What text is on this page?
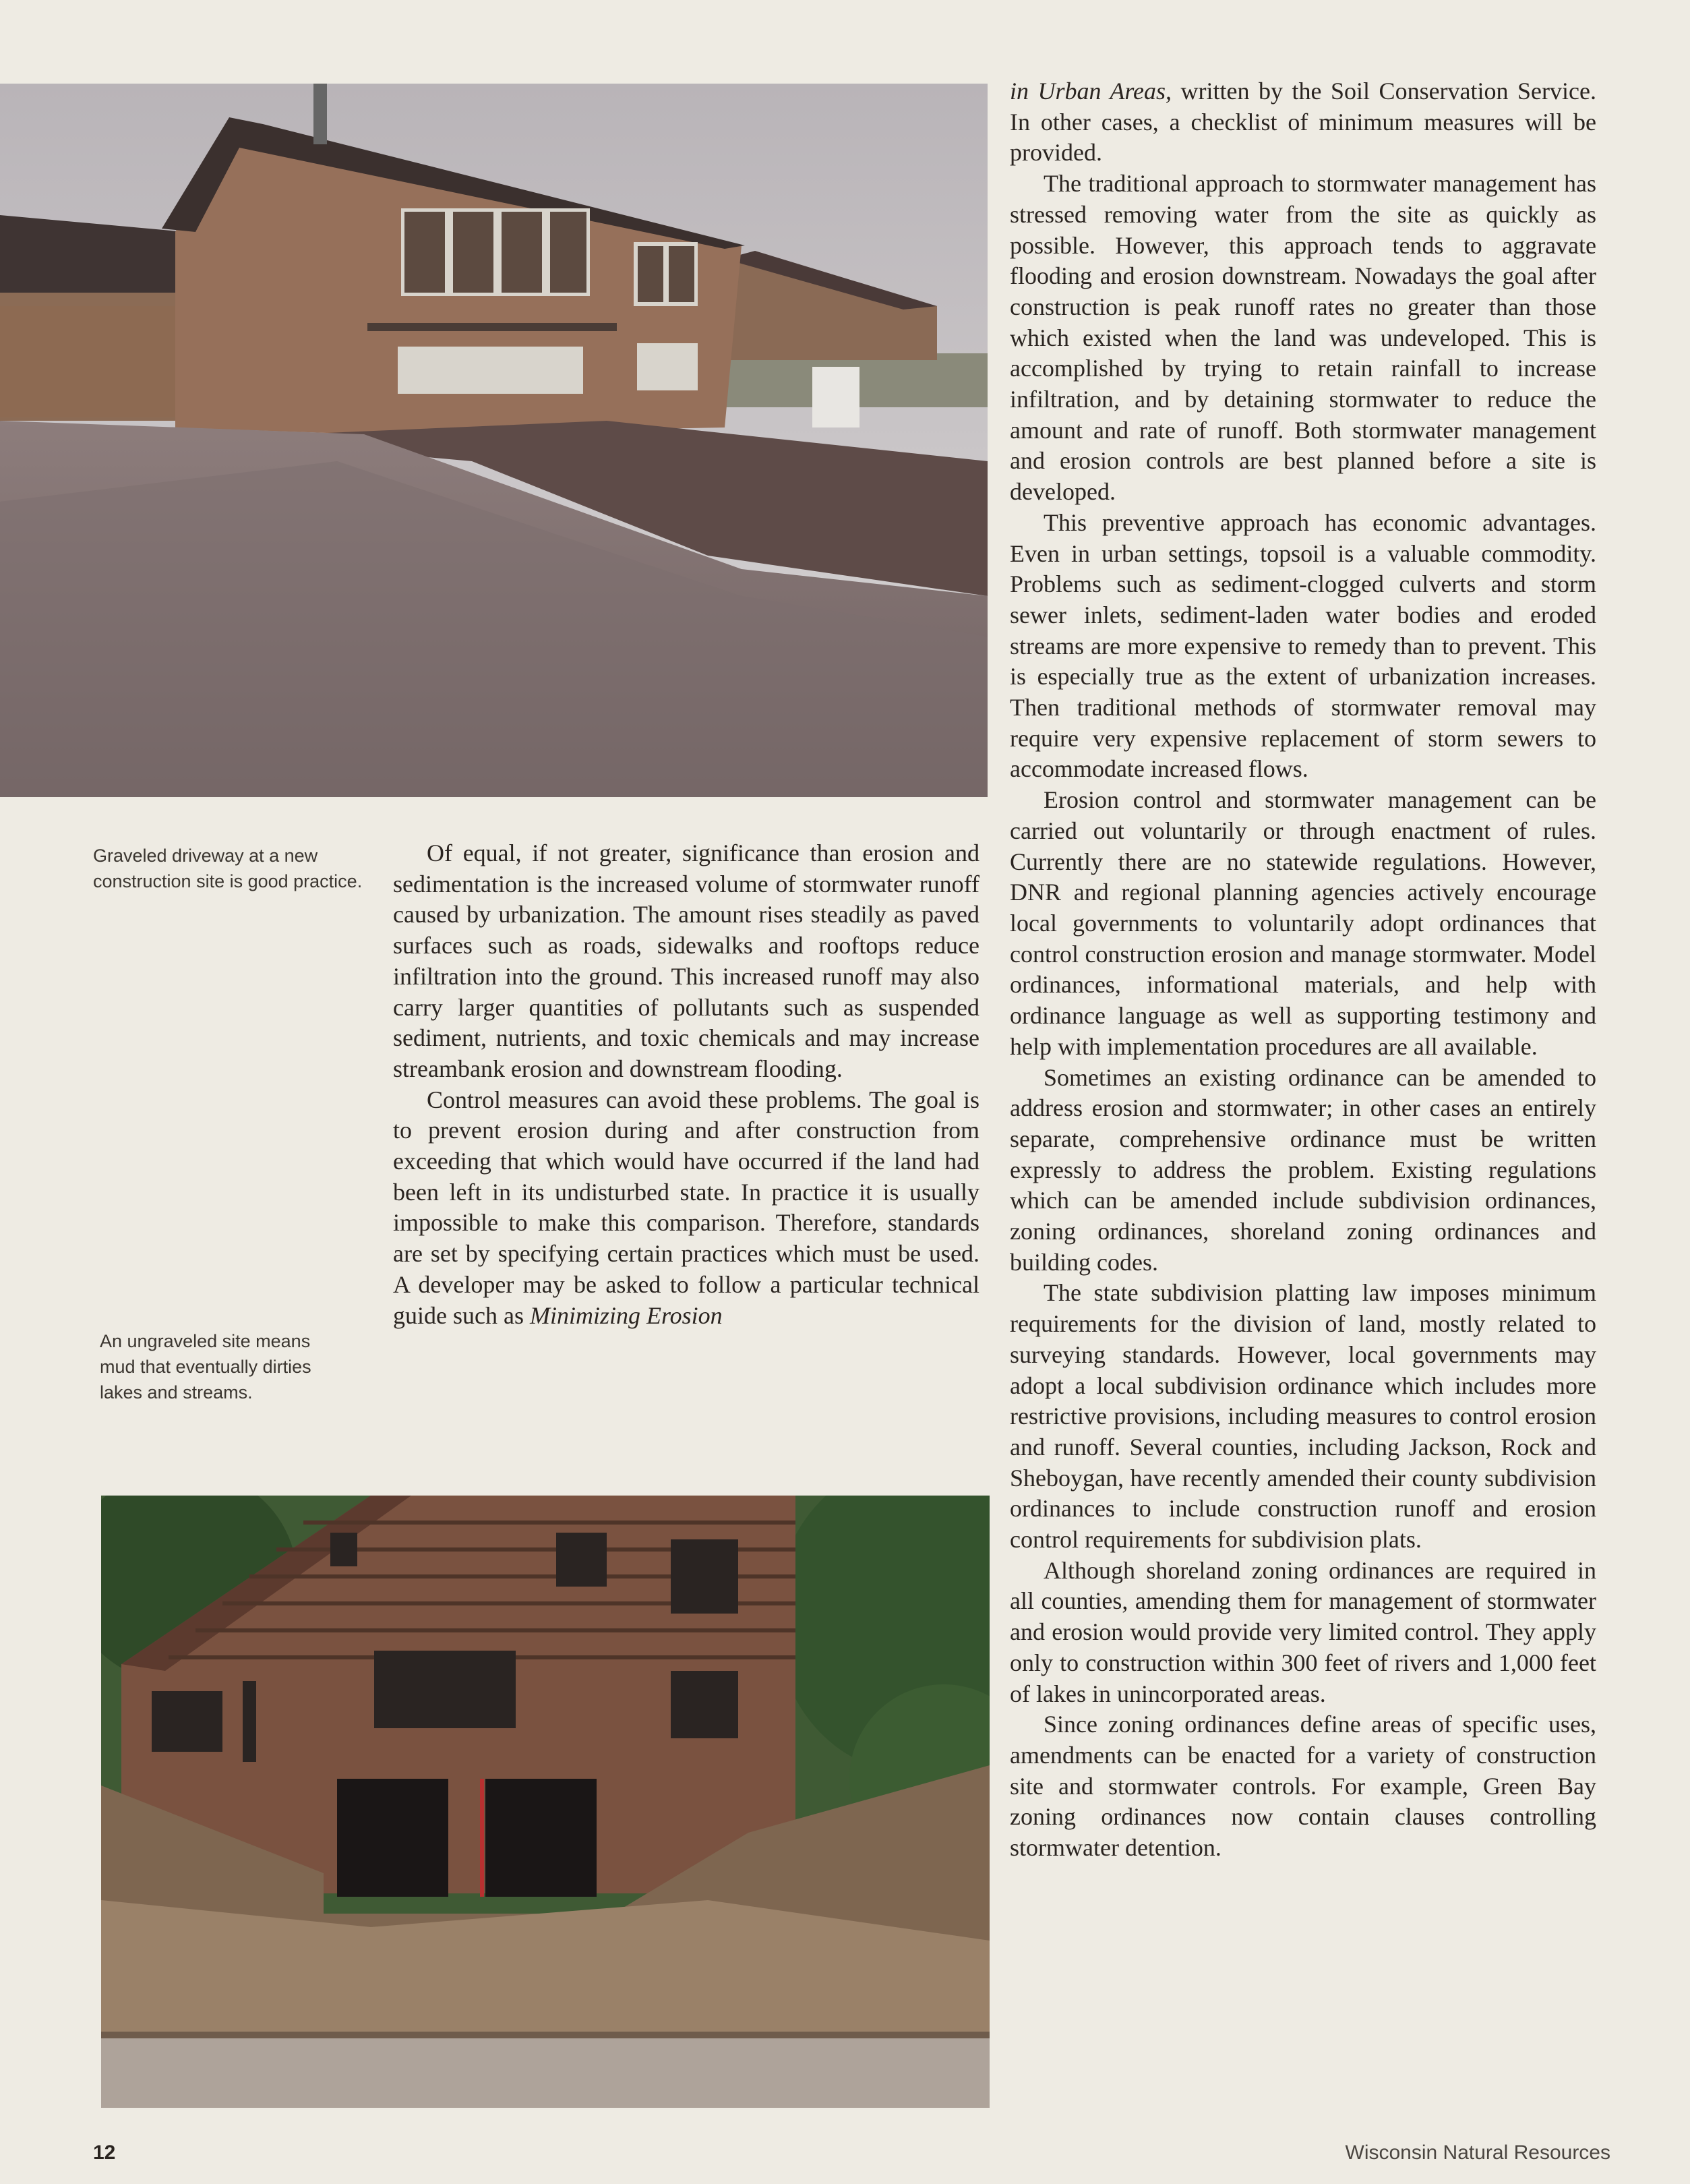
Graveled driveway at a new construction site is good practice.

An ungraveled site means mud that eventually dirties lakes and streams.

Of equal, if not greater, significance than erosion and sedimentation is the increased volume of stormwater runoff caused by urbanization. The amount rises steadily as paved surfaces such as roads, sidewalks and rooftops reduce infiltration into the ground. This increased runoff may also carry larger quantities of pollutants such as suspended sediment, nutrients, and toxic chemicals and may increase streambank erosion and downstream flooding.

Control measures can avoid these problems. The goal is to prevent erosion during and after construction from exceeding that which would have occurred if the land had been left in its undisturbed state. In practice it is usually impossible to make this comparison. Therefore, standards are set by specifying certain practices which must be used. A developer may be asked to follow a particular technical guide such as Minimizing Erosion

in Urban Areas, written by the Soil Conservation Service. In other cases, a checklist of minimum measures will be provided.

The traditional approach to stormwater management has stressed removing water from the site as quickly as possible. However, this approach tends to aggravate flooding and erosion downstream. Nowadays the goal after construction is peak runoff rates no greater than those which existed when the land was undeveloped. This is accomplished by trying to retain rainfall to increase infiltration, and by detaining stormwater to reduce the amount and rate of runoff. Both stormwater management and erosion controls are best planned before a site is developed.

This preventive approach has economic advantages. Even in urban settings, topsoil is a valuable commodity. Problems such as sediment-clogged culverts and storm sewer inlets, sediment-laden water bodies and eroded streams are more expensive to remedy than to prevent. This is especially true as the extent of urbanization increases. Then traditional methods of stormwater removal may require very expensive replacement of storm sewers to accommodate increased flows.

Erosion control and stormwater management can be carried out voluntarily or through enactment of rules. Currently there are no statewide regulations. However, DNR and regional planning agencies actively encourage local governments to voluntarily adopt ordinances that control construction erosion and manage stormwater. Model ordinances, informational materials, and help with ordinance language as well as supporting testimony and help with implementation procedures are all available.

Sometimes an existing ordinance can be amended to address erosion and stormwater; in other cases an entirely separate, comprehensive ordinance must be written expressly to address the problem. Existing regulations which can be amended include subdivision ordinances, zoning ordinances, shoreland zoning ordinances and building codes.

The state subdivision platting law imposes minimum requirements for the division of land, mostly related to surveying standards. However, local governments may adopt a local subdivision ordinance which includes more restrictive provisions, including measures to control erosion and runoff. Several counties, including Jackson, Rock and Sheboygan, have recently amended their county subdivision ordinances to include construction runoff and erosion control requirements for subdivision plats.

Although shoreland zoning ordinances are required in all counties, amending them for management of stormwater and erosion would provide very limited control. They apply only to construction within 300 feet of rivers and 1,000 feet of lakes in unincorporated areas.

Since zoning ordinances define areas of specific uses, amendments can be enacted for a variety of construction site and stormwater controls. For example, Green Bay zoning ordinances now contain clauses controlling stormwater detention.

12	Wisconsin Natural Resources
